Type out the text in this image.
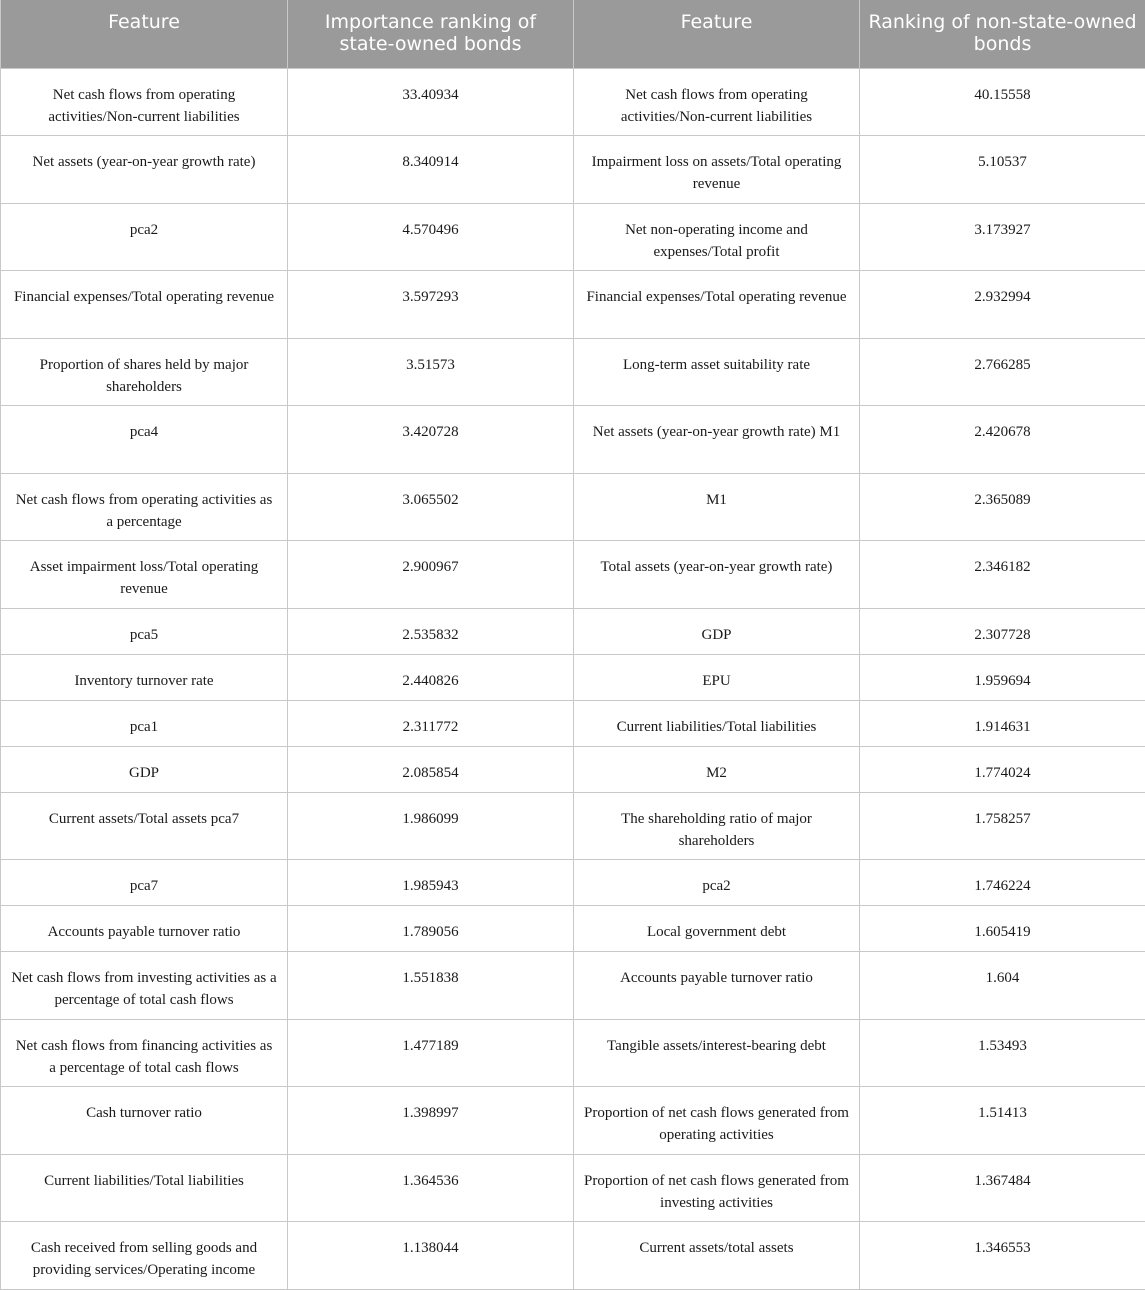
Feature	Importance ranking of state-owned bonds	Feature	Ranking of non-state-owned bonds
Net cash flows from operating activities/Non-current liabilities	33.40934	Net cash flows from operating activities/Non-current liabilities	40.15558
Net assets (year-on-year growth rate)	8.340914	Impairment loss on assets/Total operating revenue	5.10537
pca2	4.570496	Net non-operating income and expenses/Total profit	3.173927
Financial expenses/Total operating revenue	3.597293	Financial expenses/Total operating revenue	2.932994
Proportion of shares held by major shareholders	3.51573	Long-term asset suitability rate	2.766285
pca4	3.420728	Net assets (year-on-year growth rate) M1	2.420678
Net cash flows from operating activities as a percentage	3.065502	M1	2.365089
Asset impairment loss/Total operating revenue	2.900967	Total assets (year-on-year growth rate)	2.346182
pca5	2.535832	GDP	2.307728
Inventory turnover rate	2.440826	EPU	1.959694
pca1	2.311772	Current liabilities/Total liabilities	1.914631
GDP	2.085854	M2	1.774024
Current assets/Total assets pca7	1.986099	The shareholding ratio of major shareholders	1.758257
pca7	1.985943	pca2	1.746224
Accounts payable turnover ratio	1.789056	Local government debt	1.605419
Net cash flows from investing activities as a percentage of total cash flows	1.551838	Accounts payable turnover ratio	1.604
Net cash flows from financing activities as a percentage of total cash flows	1.477189	Tangible assets/interest-bearing debt	1.53493
Cash turnover ratio	1.398997	Proportion of net cash flows generated from operating activities	1.51413
Current liabilities/Total liabilities	1.364536	Proportion of net cash flows generated from investing activities	1.367484
Cash received from selling goods and providing services/Operating income	1.138044	Current assets/total assets	1.346553
